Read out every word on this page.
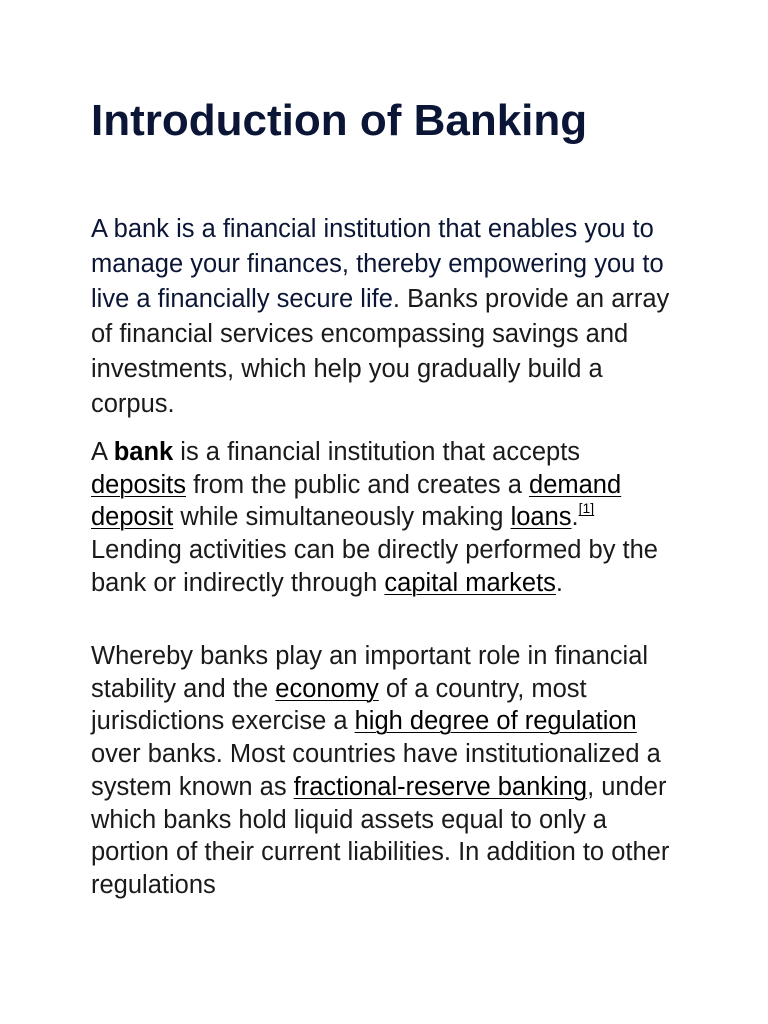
Introduction of Banking

A bank is a financial institution that enables you to manage your finances, thereby empowering you to live a financially secure life. Banks provide an array of financial services encompassing savings and investments, which help you gradually build a corpus.

A bank is a financial institution that accepts deposits from the public and creates a demand deposit while simultaneously making loans.[1] Lending activities can be directly performed by the bank or indirectly through capital markets.

Whereby banks play an important role in financial stability and the economy of a country, most jurisdictions exercise a high degree of regulation over banks. Most countries have institutionalized a system known as fractional-reserve banking, under which banks hold liquid assets equal to only a portion of their current liabilities. In addition to other regulations
